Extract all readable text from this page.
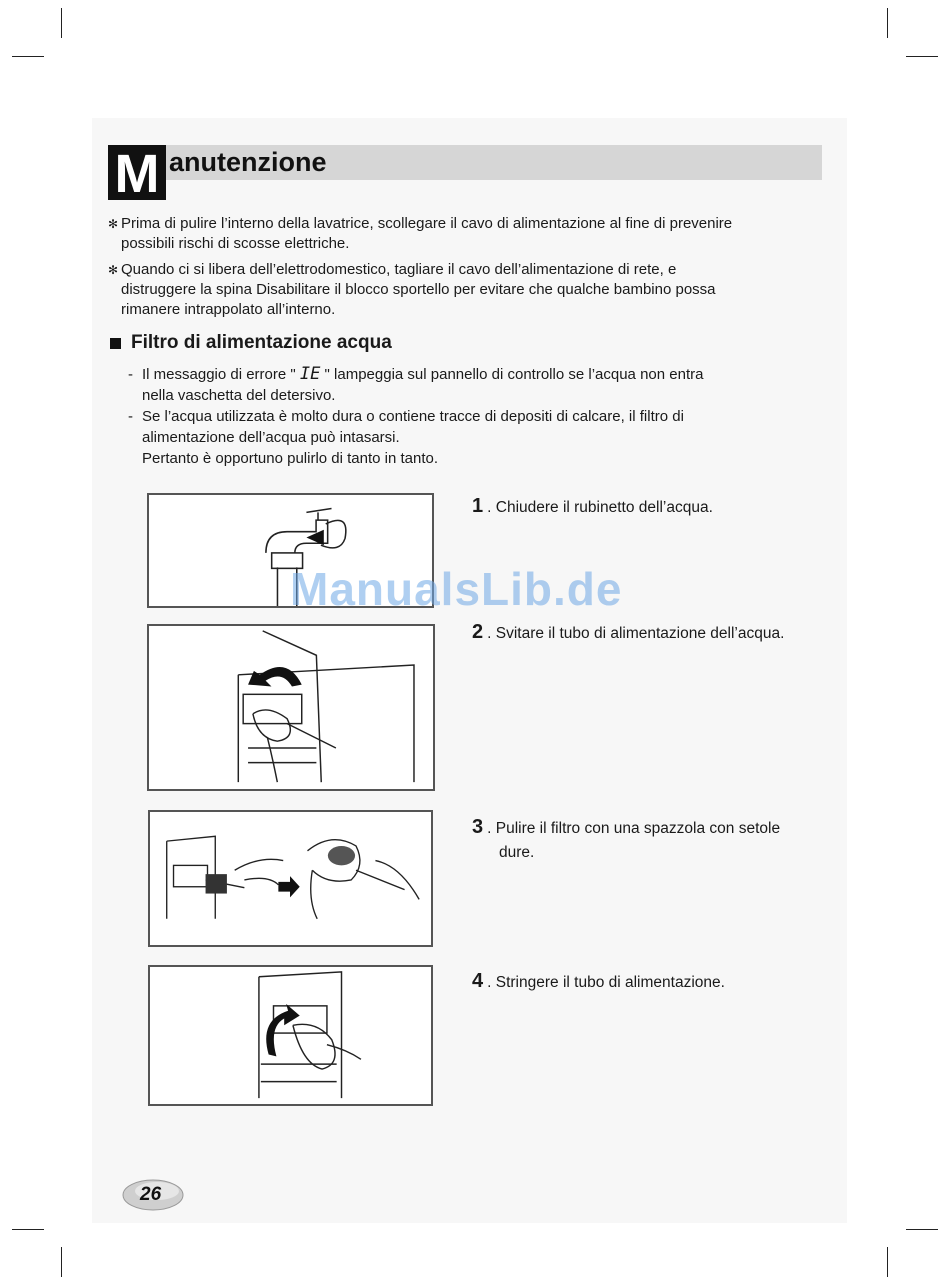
M anutenzione
✻ Prima di pulire l’interno della lavatrice, scollegare il cavo di alimentazione al fine di prevenire
possibili rischi di scosse elettriche.
✻ Quando ci si libera dell’elettrodomestico, tagliare il cavo dell’alimentazione di rete, e
distruggere la spina Disabilitare il blocco sportello per evitare che qualche bambino possa
rimanere intrappolato all’interno.
Filtro di alimentazione acqua
- Il messaggio di errore " IE " lampeggia sul pannello di controllo se l’acqua non entra
nella vaschetta del detersivo.
- Se l’acqua utilizzata è molto dura o contiene tracce di depositi di calcare, il filtro di
alimentazione dell’acqua può intasarsi.
Pertanto è opportuno pulirlo di tanto in tanto.
1 . Chiudere il rubinetto dell’acqua.
2 . Svitare il tubo di alimentazione dell’acqua.
3 . Pulire il filtro con una spazzola con setole
dure.
4 . Stringere il tubo di alimentazione.
ManualsLib.de
26
